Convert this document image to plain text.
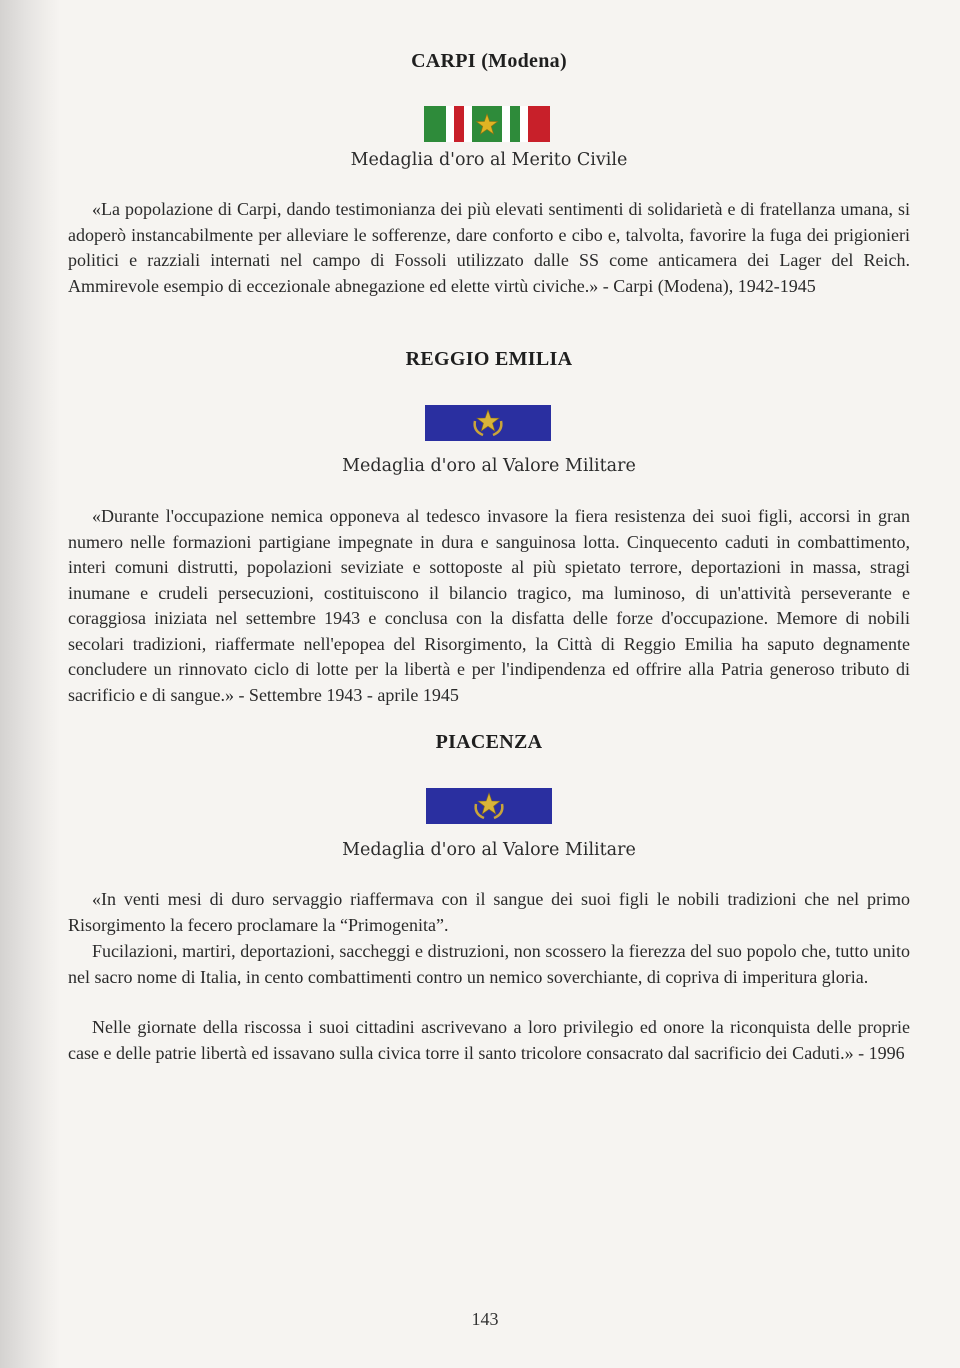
CARPI (Modena)

Medaglia d'oro al Merito Civile

«La popolazione di Carpi, dando testimonianza dei più elevati sentimenti di solidarietà e di fratellanza umana, si adoperò instancabilmente per alleviare le sofferenze, dare conforto e cibo e, talvolta, favorire la fuga dei prigionieri politici e razziali internati nel campo di Fossoli utilizzato dalle SS come anticamera dei Lager del Reich. Ammirevole esempio di eccezionale abnegazione ed elette virtù civiche.» - Carpi (Modena), 1942-1945

REGGIO EMILIA

Medaglia d'oro al Valore Militare

«Durante l'occupazione nemica opponeva al tedesco invasore la fiera resistenza dei suoi figli, accorsi in gran numero nelle formazioni partigiane impegnate in dura e sanguinosa lotta. Cinquecento caduti in combattimento, interi comuni distrutti, popolazioni seviziate e sottoposte al più spietato terrore, deportazioni in massa, stragi inumane e crudeli persecuzioni, costituiscono il bilancio tragico, ma luminoso, di un'attività perseverante e coraggiosa iniziata nel settembre 1943 e conclusa con la disfatta delle forze d'occupazione. Memore di nobili secolari tradizioni, riaffermate nell'epopea del Risorgimento, la Città di Reggio Emilia ha saputo degnamente concludere un rinnovato ciclo di lotte per la libertà e per l'indipendenza ed offrire alla Patria generoso tributo di sacrificio e di sangue.» - Settembre 1943 - aprile 1945

PIACENZA

Medaglia d'oro al Valore Militare

«In venti mesi di duro servaggio riaffermava con il sangue dei suoi figli le nobili tradizioni che nel primo Risorgimento la fecero proclamare la “Primogenita”.

Fucilazioni, martiri, deportazioni, saccheggi e distruzioni, non scossero la fierezza del suo popolo che, tutto unito nel sacro nome di Italia, in cento combattimenti contro un nemico soverchiante, di copriva di imperitura gloria.

Nelle giornate della riscossa i suoi cittadini ascrivevano a loro privilegio ed onore la riconquista delle proprie case e delle patrie libertà ed issavano sulla civica torre il santo tricolore consacrato dal sacrificio dei Caduti.» - 1996

143
